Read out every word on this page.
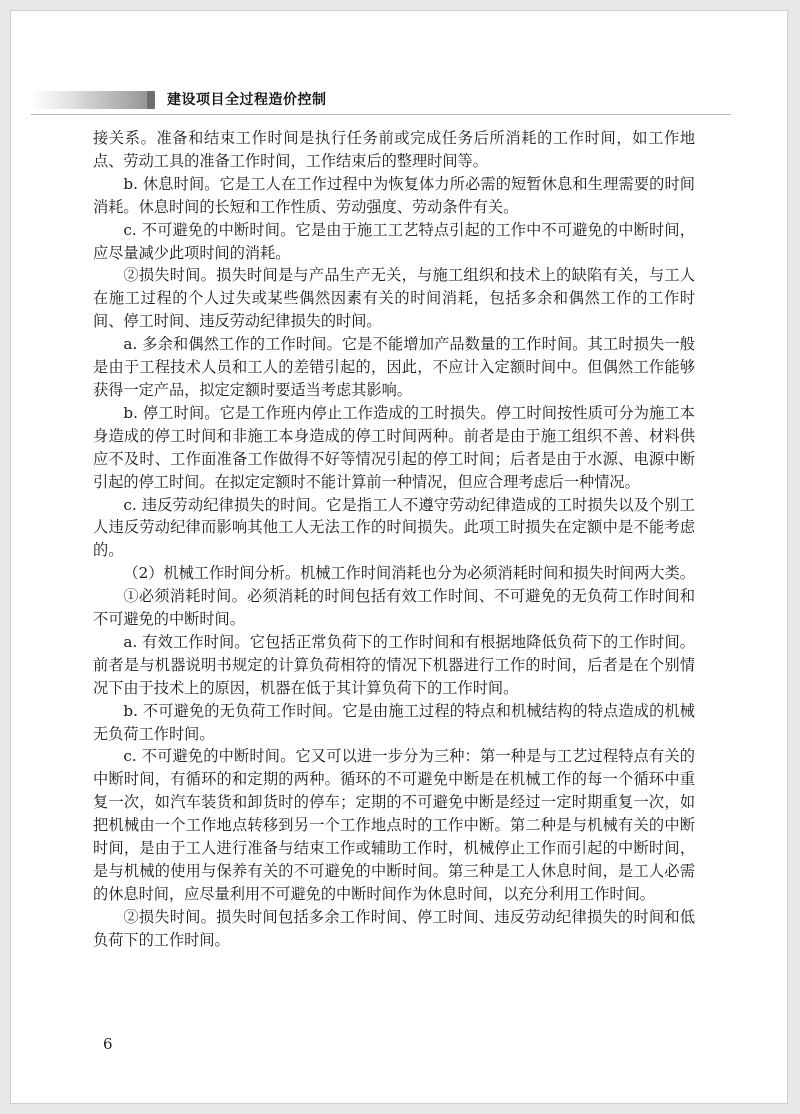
建设项目全过程造价控制

接关系。准备和结束工作时间是执行任务前或完成任务后所消耗的工作时间，如工作地点、劳动工具的准备工作时间，工作结束后的整理时间等。

b. 休息时间。它是工人在工作过程中为恢复体力所必需的短暂休息和生理需要的时间消耗。休息时间的长短和工作性质、劳动强度、劳动条件有关。

c. 不可避免的中断时间。它是由于施工工艺特点引起的工作中不可避免的中断时间，应尽量减少此项时间的消耗。

②损失时间。损失时间是与产品生产无关，与施工组织和技术上的缺陷有关，与工人在施工过程的个人过失或某些偶然因素有关的时间消耗，包括多余和偶然工作的工作时间、停工时间、违反劳动纪律损失的时间。

a. 多余和偶然工作的工作时间。它是不能增加产品数量的工作时间。其工时损失一般是由于工程技术人员和工人的差错引起的，因此，不应计入定额时间中。但偶然工作能够获得一定产品，拟定定额时要适当考虑其影响。

b. 停工时间。它是工作班内停止工作造成的工时损失。停工时间按性质可分为施工本身造成的停工时间和非施工本身造成的停工时间两种。前者是由于施工组织不善、材料供应不及时、工作面准备工作做得不好等情况引起的停工时间；后者是由于水源、电源中断引起的停工时间。在拟定定额时不能计算前一种情况，但应合理考虑后一种情况。

c. 违反劳动纪律损失的时间。它是指工人不遵守劳动纪律造成的工时损失以及个别工人违反劳动纪律而影响其他工人无法工作的时间损失。此项工时损失在定额中是不能考虑的。

（2）机械工作时间分析。机械工作时间消耗也分为必须消耗时间和损失时间两大类。

①必须消耗时间。必须消耗的时间包括有效工作时间、不可避免的无负荷工作时间和不可避免的中断时间。

a. 有效工作时间。它包括正常负荷下的工作时间和有根据地降低负荷下的工作时间。前者是与机器说明书规定的计算负荷相符的情况下机器进行工作的时间，后者是在个别情况下由于技术上的原因，机器在低于其计算负荷下的工作时间。

b. 不可避免的无负荷工作时间。它是由施工过程的特点和机械结构的特点造成的机械无负荷工作时间。

c. 不可避免的中断时间。它又可以进一步分为三种：第一种是与工艺过程特点有关的中断时间，有循环的和定期的两种。循环的不可避免中断是在机械工作的每一个循环中重复一次，如汽车装货和卸货时的停车；定期的不可避免中断是经过一定时期重复一次，如把机械由一个工作地点转移到另一个工作地点时的工作中断。第二种是与机械有关的中断时间，是由于工人进行准备与结束工作或辅助工作时，机械停止工作而引起的中断时间，是与机械的使用与保养有关的不可避免的中断时间。第三种是工人休息时间，是工人必需的休息时间，应尽量利用不可避免的中断时间作为休息时间，以充分利用工作时间。

②损失时间。损失时间包括多余工作时间、停工时间、违反劳动纪律损失的时间和低负荷下的工作时间。

6
